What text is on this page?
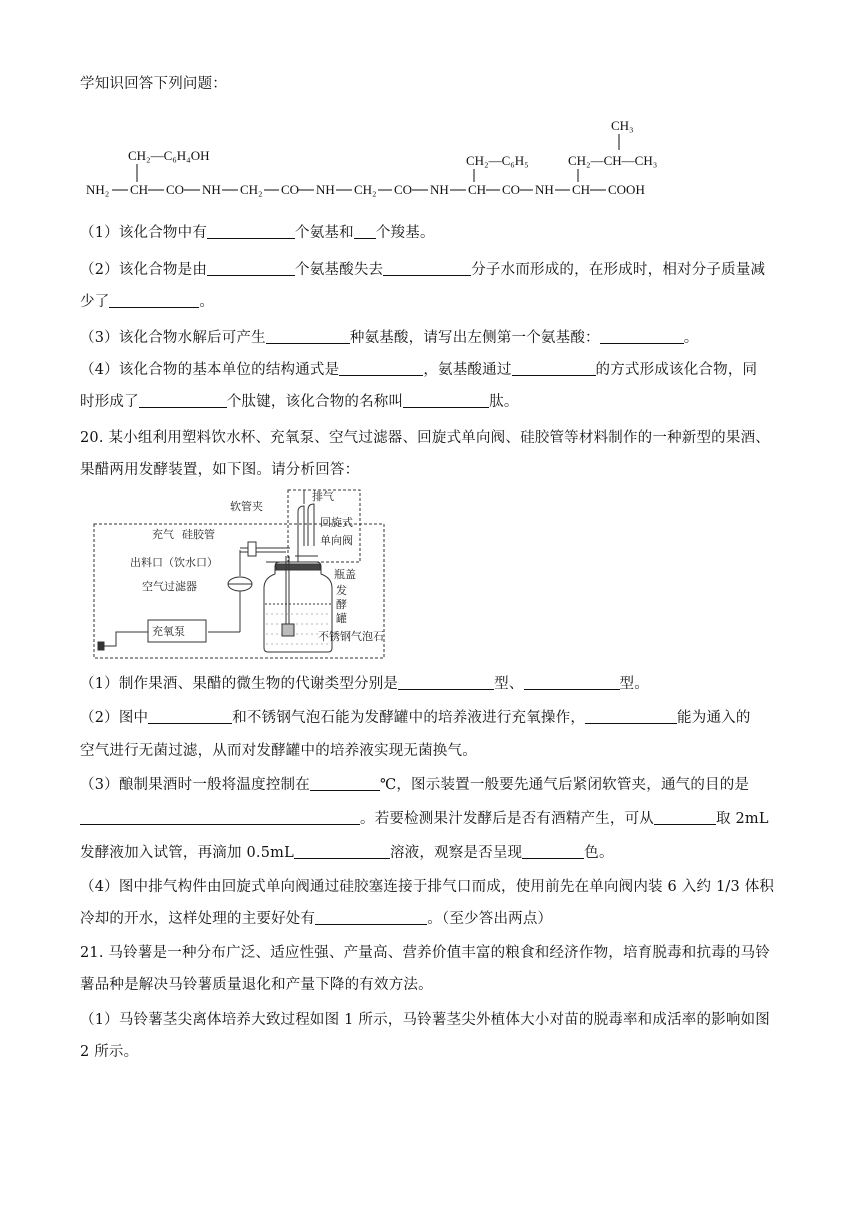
学知识回答下列问题：
NH₂ CH CO NH CH₂ CO NH CH₂ CO NH CH CO NH CH COOH
CH₂—C₆H₄OH	CH₂—C₆H₅	CH₂—CH—CH₃
CH₃
（1）该化合物中有	个氨基和 个羧基。
（2）该化合物是由	个氨基酸失去	分子水而形成的，在形成时，相对分子质量减
少了	。
（3）该化合物水解后可产生	种氨基酸，请写出左侧第一个氨基酸：	。
（4）该化合物的基本单位的结构通式是	，氨基酸通过	的方式形成该化合物，同
时形成了	个肽键，该化合物的名称叫	肽。
20. 某小组利用塑料饮水杯、充氧泵、空气过滤器、回旋式单向阀、硅胶管等材料制作的一种新型的果酒、
果醋两用发酵装置，如下图。请分析回答：
软管夹
排气
回旋式
单向阀
充气 硅胶管
出料口（饮水口）
空气过滤器
瓶盖
发
酵
罐
不锈钢气泡石
充氧泵
（1）制作果酒、果醋的微生物的代谢类型分别是	型、	型。
（2）图中	和不锈钢气泡石能为发酵罐中的培养液进行充氧操作，	能为通入的
空气进行无菌过滤，从而对发酵罐中的培养液实现无菌换气。
（3）酿制果酒时一般将温度控制在	℃，图示装置一般要先通气后紧闭软管夹，通气的目的是
。若要检测果汁发酵后是否有酒精产生，可从	取 2mL
发酵液加入试管，再滴加 0.5mL	溶液，观察是否呈现	色。
（4）图中排气构件由回旋式单向阀通过硅胶塞连接于排气口而成，使用前先在单向阀内装 6 入约 1/3 体积
冷却的开水，这样处理的主要好处有	。（至少答出两点）
21. 马铃薯是一种分布广泛、适应性强、产量高、营养价值丰富的粮食和经济作物，培育脱毒和抗毒的马铃
薯品种是解决马铃薯质量退化和产量下降的有效方法。
（1）马铃薯茎尖离体培养大致过程如图 1 所示，马铃薯茎尖外植体大小对苗的脱毒率和成活率的影响如图
2 所示。
